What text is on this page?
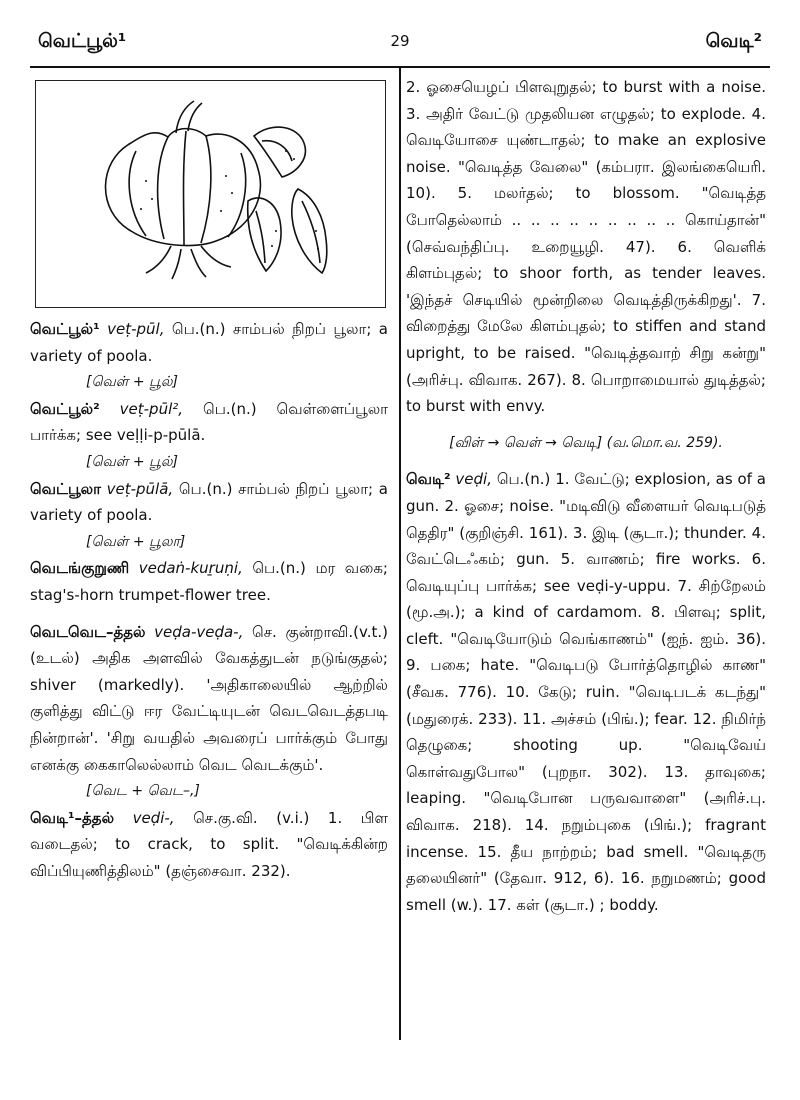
வெட்பூல்¹	29	வெடி²

வெட்பூல்¹ veṭ-pūl, பெ.(n.) சாம்பல் நிறப் பூலா; a variety of poola.

[வெள் + பூல்]

வெட்பூல்² veṭ-pūl², பெ.(n.) வெள்ளைப்பூலா பார்க்க; see veḷḷi-p-pūlā.

[வெள் + பூல்]

வெட்பூலா veṭ-pūlā, பெ.(n.) சாம்பல் நிறப் பூலா; a variety of poola.

[வெள் + பூலா]

வெடங்குறுணி vedaṅ-kuṟuṇi, பெ.(n.) மர வகை; stag's-horn trumpet-flower tree.

வெடவெட–த்தல் veḍa-veḍa-, செ. குன்றாவி.(v.t.) (உடல்) அதிக அளவில் வேகத்துடன் நடுங்குதல்; shiver (markedly). 'அதிகாலையில் ஆற்றில் குளித்து விட்டு ஈர வேட்டியுடன் வெடவெடத்தபடி நின்றான்'. 'சிறு வயதில் அவரைப் பார்க்கும் போது எனக்கு கைகாலெல்லாம் வெட வெடக்கும்'.

[வெட + வெட–,]

வெடி¹–த்தல் veḍi-, செ.கு.வி. (v.i.) 1. பிள வடைதல்; to crack, to split. "வெடிக்கின்ற விப்பியுணித்திலம்" (தஞ்சைவா. 232).

2. ஓசையெழப் பிளவுறுதல்; to burst with a noise. 3. அதிர் வேட்டு முதலியன எழுதல்; to explode. 4. வெடியோசை யுண்டாதல்; to make an explosive noise. "வெடித்த வேலை" (கம்பரா. இலங்கையெரி. 10). 5. மலர்தல்; to blossom. "வெடித்த போதெல்லாம் .. .. .. .. .. .. .. .. .. கொய்தான்" (செவ்வந்திப்பு. உறையூழி. 47). 6. வெளிக் கிளம்புதல்; to shoor forth, as tender leaves. 'இந்தச் செடியில் மூன்றிலை வெடித்திருக்கிறது'. 7. விறைத்து மேலே கிளம்புதல்; to stiffen and stand upright, to be raised. "வெடித்தவாற் சிறு கன்று" (அரிச்பு. விவாக. 267). 8. பொறாமையால் துடித்தல்; to burst with envy.

[விள் → வெள் → வெடி] (வ.மொ.வ. 259).

வெடி² veḍi, பெ.(n.) 1. வேட்டு; explosion, as of a gun. 2. ஓசை; noise. "மடிவிடு வீளையர் வெடிபடுத் தெதிர" (குறிஞ்சி. 161). 3. இடி (சூடா.); thunder. 4. வேட்டெஃகம்; gun. 5. வாணம்; fire works. 6. வெடியுப்பு பார்க்க; see veḍi-y-uppu. 7. சிற்றேலம் (மூ.அ.); a kind of cardamom. 8. பிளவு; split, cleft. "வெடியோடும் வெங்காணம்" (ஐந். ஐம். 36). 9. பகை; hate. "வெடிபடு போர்த்தொழில் காண" (சீவக. 776). 10. கேடு; ruin. "வெடிபடக் கடந்து" (மதுரைக். 233). 11. அச்சம் (பிங்.); fear. 12. நிமிர்ந் தெழுகை; shooting up. "வெடிவேய் கொள்வதுபோல" (புறநா. 302). 13. தாவுகை; leaping. "வெடிபோன பருவவாளை" (அரிச்.பு. விவாக. 218). 14. நறும்புகை (பிங்.); fragrant incense. 15. தீய நாற்றம்; bad smell. "வெடிதரு தலையினர்" (தேவா. 912, 6). 16. நறுமணம்; good smell (w.). 17. கள் (சூடா.) ; boddy.
